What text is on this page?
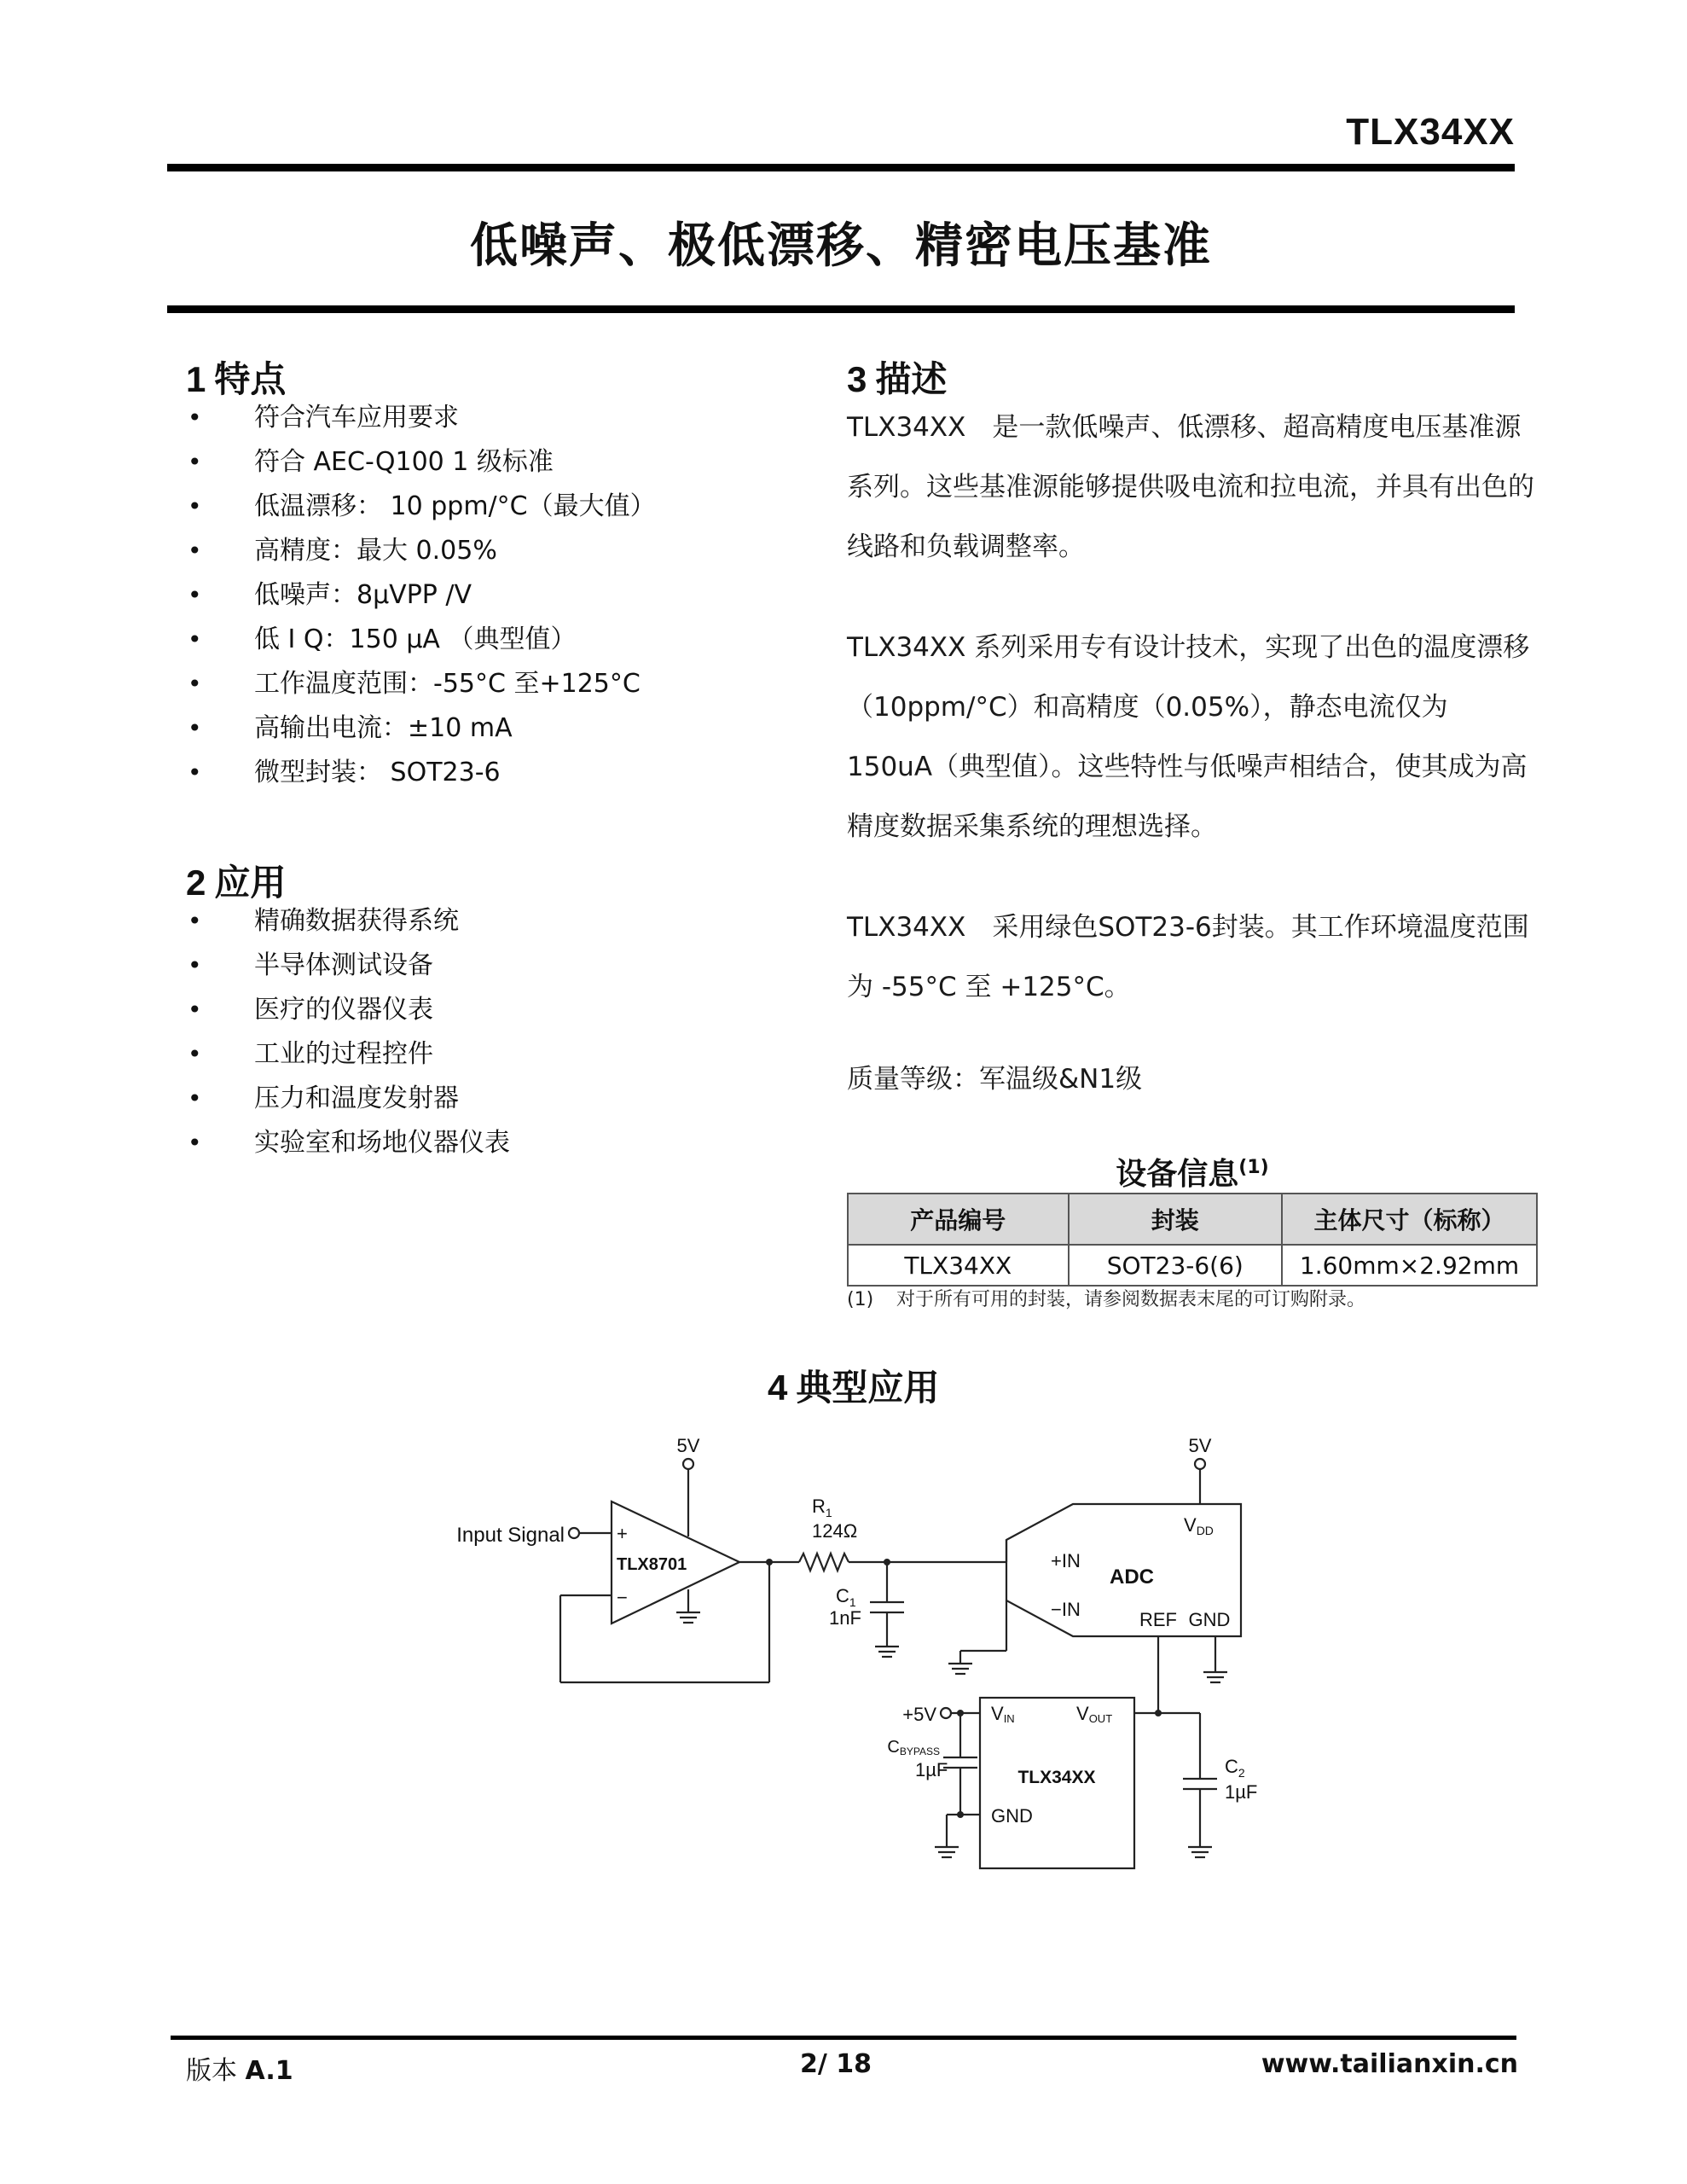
TLX34XX
低噪声、极低漂移、精密电压基准
1 特点
• 符合汽车应用要求
• 符合 AEC-Q100 1 级标准
• 低温漂移： 10 ppm/°C（最大值）
• 高精度：最大 0.05%
• 低噪声：8µVPP /V
• 低 I Q：150 µA （典型值）
• 工作温度范围：-55°C 至+125°C
• 高输出电流：±10 mA
• 微型封装： SOT23-6
2 应用
• 精确数据获得系统
• 半导体测试设备
• 医疗的仪器仪表
• 工业的过程控件
• 压力和温度发射器
• 实验室和场地仪器仪表
3 描述
TLX34XX　是一款低噪声、低漂移、超高精度电压基准源系列。这些基准源能够提供吸电流和拉电流，并具有出色的线路和负载调整率。
TLX34XX 系列采用专有设计技术，实现了出色的温度漂移（10ppm/°C）和高精度（0.05%），静态电流仅为 150uA（典型值）。这些特性与低噪声相结合，使其成为高精度数据采集系统的理想选择。
TLX34XX　采用绿色SOT23-6封装。其工作环境温度范围为 -55°C 至 +125°C。
质量等级：军温级&N1级
设备信息$^{(1)}$
产品编号	封装	主体尺寸（标称）
TLX34XX	SOT23-6(6)	1.60mm×2.92mm
(1) 对于所有可用的封装，请参阅数据表末尾的可订购附录。
4 典型应用
Input Signal	+
−
TLX8701
5V	5V
$R_1$
124Ω
$C_1$
1nF
+IN
−IN
ADC
VDD
REF GND
VIN	VOUT
TLX34XX
GND
+5V
CBYPASS
1µF	$C_2$
1µF
版本 A.1	2/ 18	www.tailianxin.cn
